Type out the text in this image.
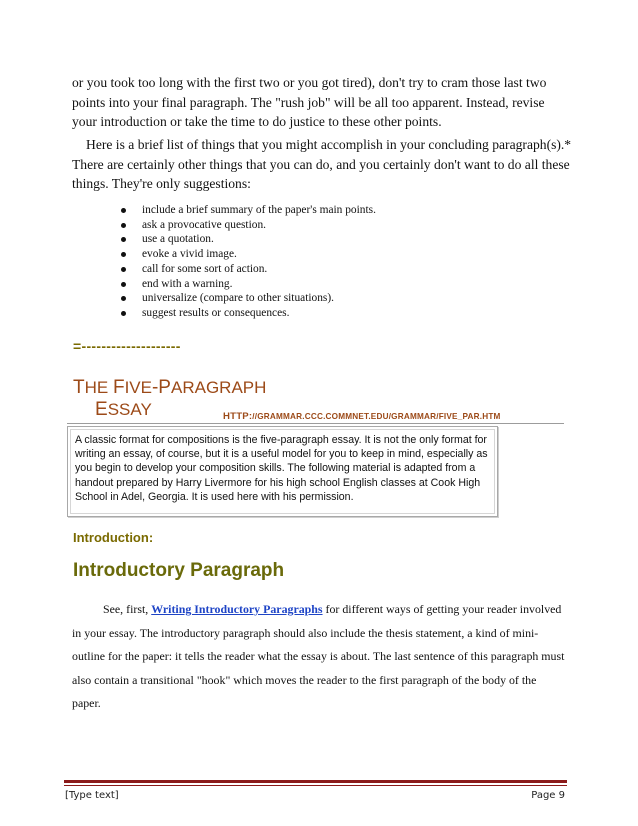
or you took too long with the first two or you got tired), don't try to cram those last two points into your final paragraph. The "rush job" will be all too apparent. Instead, revise your introduction or take the time to do justice to these other points.
Here is a brief list of things that you might accomplish in your concluding paragraph(s).* There are certainly other things that you can do, and you certainly don't want to do all these things. They're only suggestions:
include a brief summary of the paper's main points.
ask a provocative question.
use a quotation.
evoke a vivid image.
call for some sort of action.
end with a warning.
universalize (compare to other situations).
suggest results or consequences.
=--------------------
THE FIVE-PARAGRAPH
ESSAY	HTTP://GRAMMAR.CCC.COMMNET.EDU/GRAMMAR/FIVE_PAR.HTM
A classic format for compositions is the five-paragraph essay. It is not the only format for writing an essay, of course, but it is a useful model for you to keep in mind, especially as you begin to develop your composition skills. The following material is adapted from a handout prepared by Harry Livermore for his high school English classes at Cook High School in Adel, Georgia. It is used here with his permission.
Introduction:
Introductory Paragraph
See, first, Writing Introductory Paragraphs for different ways of getting your reader involved in your essay. The introductory paragraph should also include the thesis statement, a kind of mini-outline for the paper: it tells the reader what the essay is about. The last sentence of this paragraph must also contain a transitional "hook" which moves the reader to the first paragraph of the body of the paper.
[Type text]	Page 9
